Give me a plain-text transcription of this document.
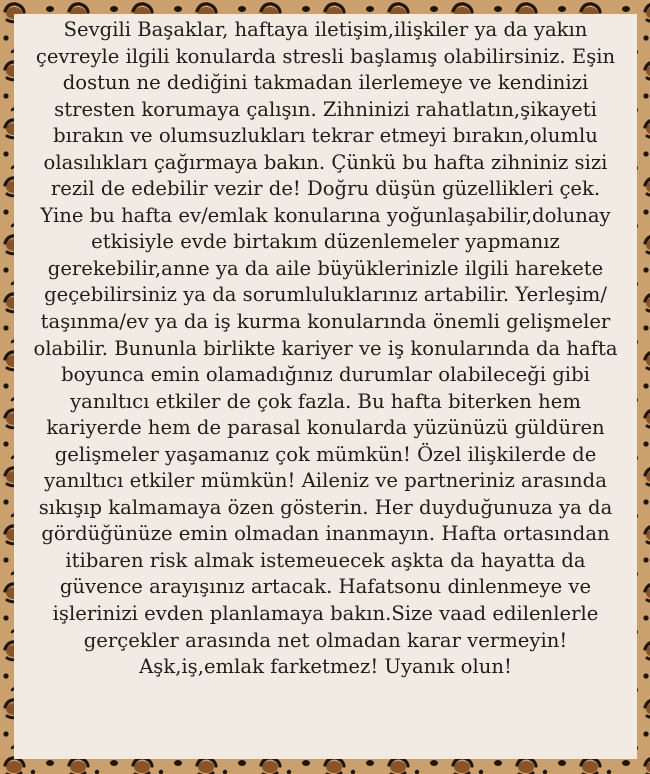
Sevgili Başaklar, haftaya iletişim,ilişkiler ya da yakın
çevreyle ilgili konularda stresli başlamış olabilirsiniz. Eşin
dostun ne dediğini takmadan ilerlemeye ve kendinizi
stresten korumaya çalışın. Zihninizi rahatlatın,şikayeti
bırakın ve olumsuzlukları tekrar etmeyi bırakın,olumlu
olasılıkları çağırmaya bakın. Çünkü bu hafta zihniniz sizi
rezil de edebilir vezir de! Doğru düşün güzellikleri çek.
Yine bu hafta ev/emlak konularına yoğunlaşabilir,dolunay
etkisiyle evde birtakım düzenlemeler yapmanız
gerekebilir,anne ya da aile büyüklerinizle ilgili harekete
geçebilirsiniz ya da sorumluluklarınız artabilir. Yerleşim/
taşınma/ev ya da iş kurma konularında önemli gelişmeler
olabilir. Bununla birlikte kariyer ve iş konularında da hafta
boyunca emin olamadığınız durumlar olabileceği gibi
yanıltıcı etkiler de çok fazla. Bu hafta biterken hem
kariyerde hem de parasal konularda yüzünüzü güldüren
gelişmeler yaşamanız çok mümkün! Özel ilişkilerde de
yanıltıcı etkiler mümkün! Aileniz ve partneriniz arasında
sıkışıp kalmamaya özen gösterin. Her duyduğunuza ya da
gördüğünüze emin olmadan inanmayın. Hafta ortasından
itibaren risk almak istemeuecek aşkta da hayatta da
güvence arayışınız artacak. Hafatsonu dinlenmeye ve
işlerinizi evden planlamaya bakın.Size vaad edilenlerle
gerçekler arasında net olmadan karar vermeyin!
Aşk,iş,emlak farketmez! Uyanık olun!
